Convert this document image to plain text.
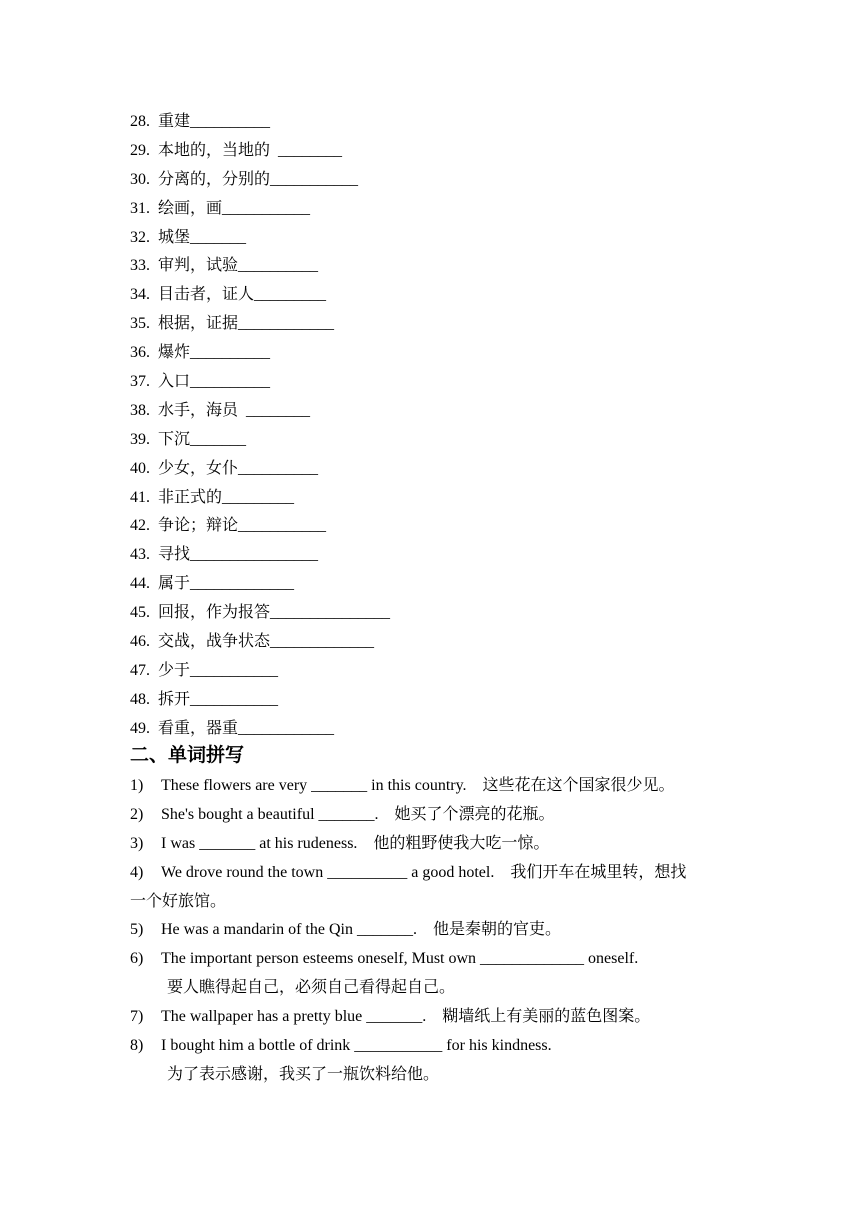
28.  重建__________
29.  本地的，当地的  ________
30.  分离的，分别的___________
31.  绘画，画___________
32.  城堡_______
33.  审判，试验__________
34.  目击者，证人_________
35.  根据，证据____________
36.  爆炸__________
37.  入口__________
38.  水手，海员  ________
39.  下沉_______
40.  少女，女仆__________
41.  非正式的_________
42.  争论；辩论___________
43.  寻找________________
44.  属于_____________
45.  回报，作为报答_______________
46.  交战，战争状态_____________
47.  少于___________
48.  拆开___________
49.  看重，器重____________
二、单词拼写
1) These flowers are very _______ in this country.    这些花在这个国家很少见。
2) She's bought a beautiful _______.    她买了个漂亮的花瓶。
3) I was _______ at his rudeness.    他的粗野使我大吃一惊。
4) We drove round the town __________ a good hotel.    我们开车在城里转，想找
一个好旅馆。
5) He was a mandarin of the Qin _______.    他是秦朝的官吏。
6) The important person esteems oneself, Must own _____________ oneself.
要人瞧得起自己，必须自己看得起自己。
7) The wallpaper has a pretty blue _______.    糊墙纸上有美丽的蓝色图案。
8) I bought him a bottle of drink ___________ for his kindness.
为了表示感谢，我买了一瓶饮料给他。
